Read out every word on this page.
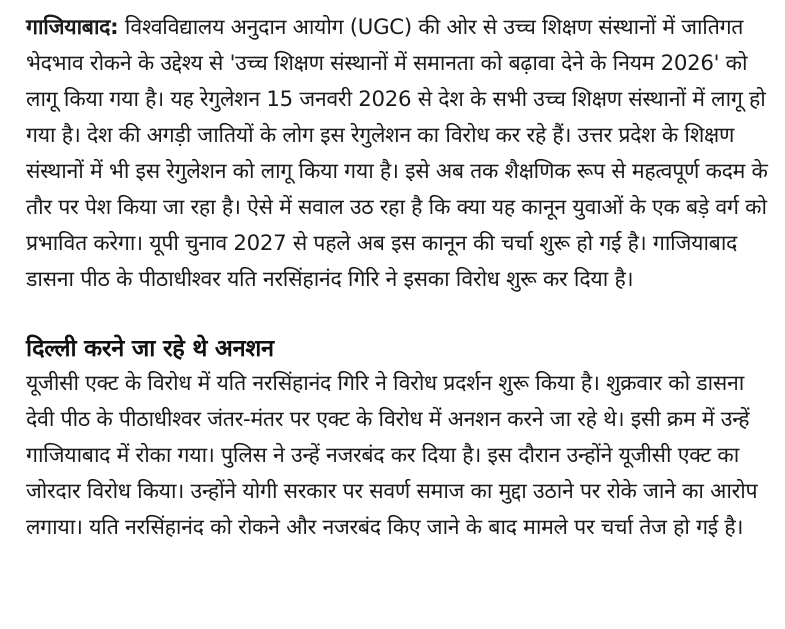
गाजियाबाद: विश्वविद्यालय अनुदान आयोग (UGC) की ओर से उच्च शिक्षण संस्थानों में जातिगत भेदभाव रोकने के उद्देश्य से 'उच्च शिक्षण संस्थानों में समानता को बढ़ावा देने के नियम 2026' को लागू किया गया है। यह रेगुलेशन 15 जनवरी 2026 से देश के सभी उच्च शिक्षण संस्थानों में लागू हो गया है। देश की अगड़ी जातियों के लोग इस रेगुलेशन का विरोध कर रहे हैं। उत्तर प्रदेश के शिक्षण संस्थानों में भी इस रेगुलेशन को लागू किया गया है। इसे अब तक शैक्षणिक रूप से महत्वपूर्ण कदम के तौर पर पेश किया जा रहा है। ऐसे में सवाल उठ रहा है कि क्या यह कानून युवाओं के एक बड़े वर्ग को प्रभावित करेगा। यूपी चुनाव 2027 से पहले अब इस कानून की चर्चा शुरू हो गई है। गाजियाबाद डासना पीठ के पीठाधीश्वर यति नरसिंहानंद गिरि ने इसका विरोध शुरू कर दिया है।

दिल्ली करने जा रहे थे अनशन

यूजीसी एक्ट के विरोध में यति नरसिंहानंद गिरि ने विरोध प्रदर्शन शुरू किया है। शुक्रवार को डासना देवी पीठ के पीठाधीश्वर जंतर-मंतर पर एक्ट के विरोध में अनशन करने जा रहे थे। इसी क्रम में उन्हें गाजियाबाद में रोका गया। पुलिस ने उन्हें नजरबंद कर दिया है। इस दौरान उन्होंने यूजीसी एक्ट का जोरदार विरोध किया। उन्होंने योगी सरकार पर सवर्ण समाज का मुद्दा उठाने पर रोके जाने का आरोप लगाया। यति नरसिंहानंद को रोकने और नजरबंद किए जाने के बाद मामले पर चर्चा तेज हो गई है।
